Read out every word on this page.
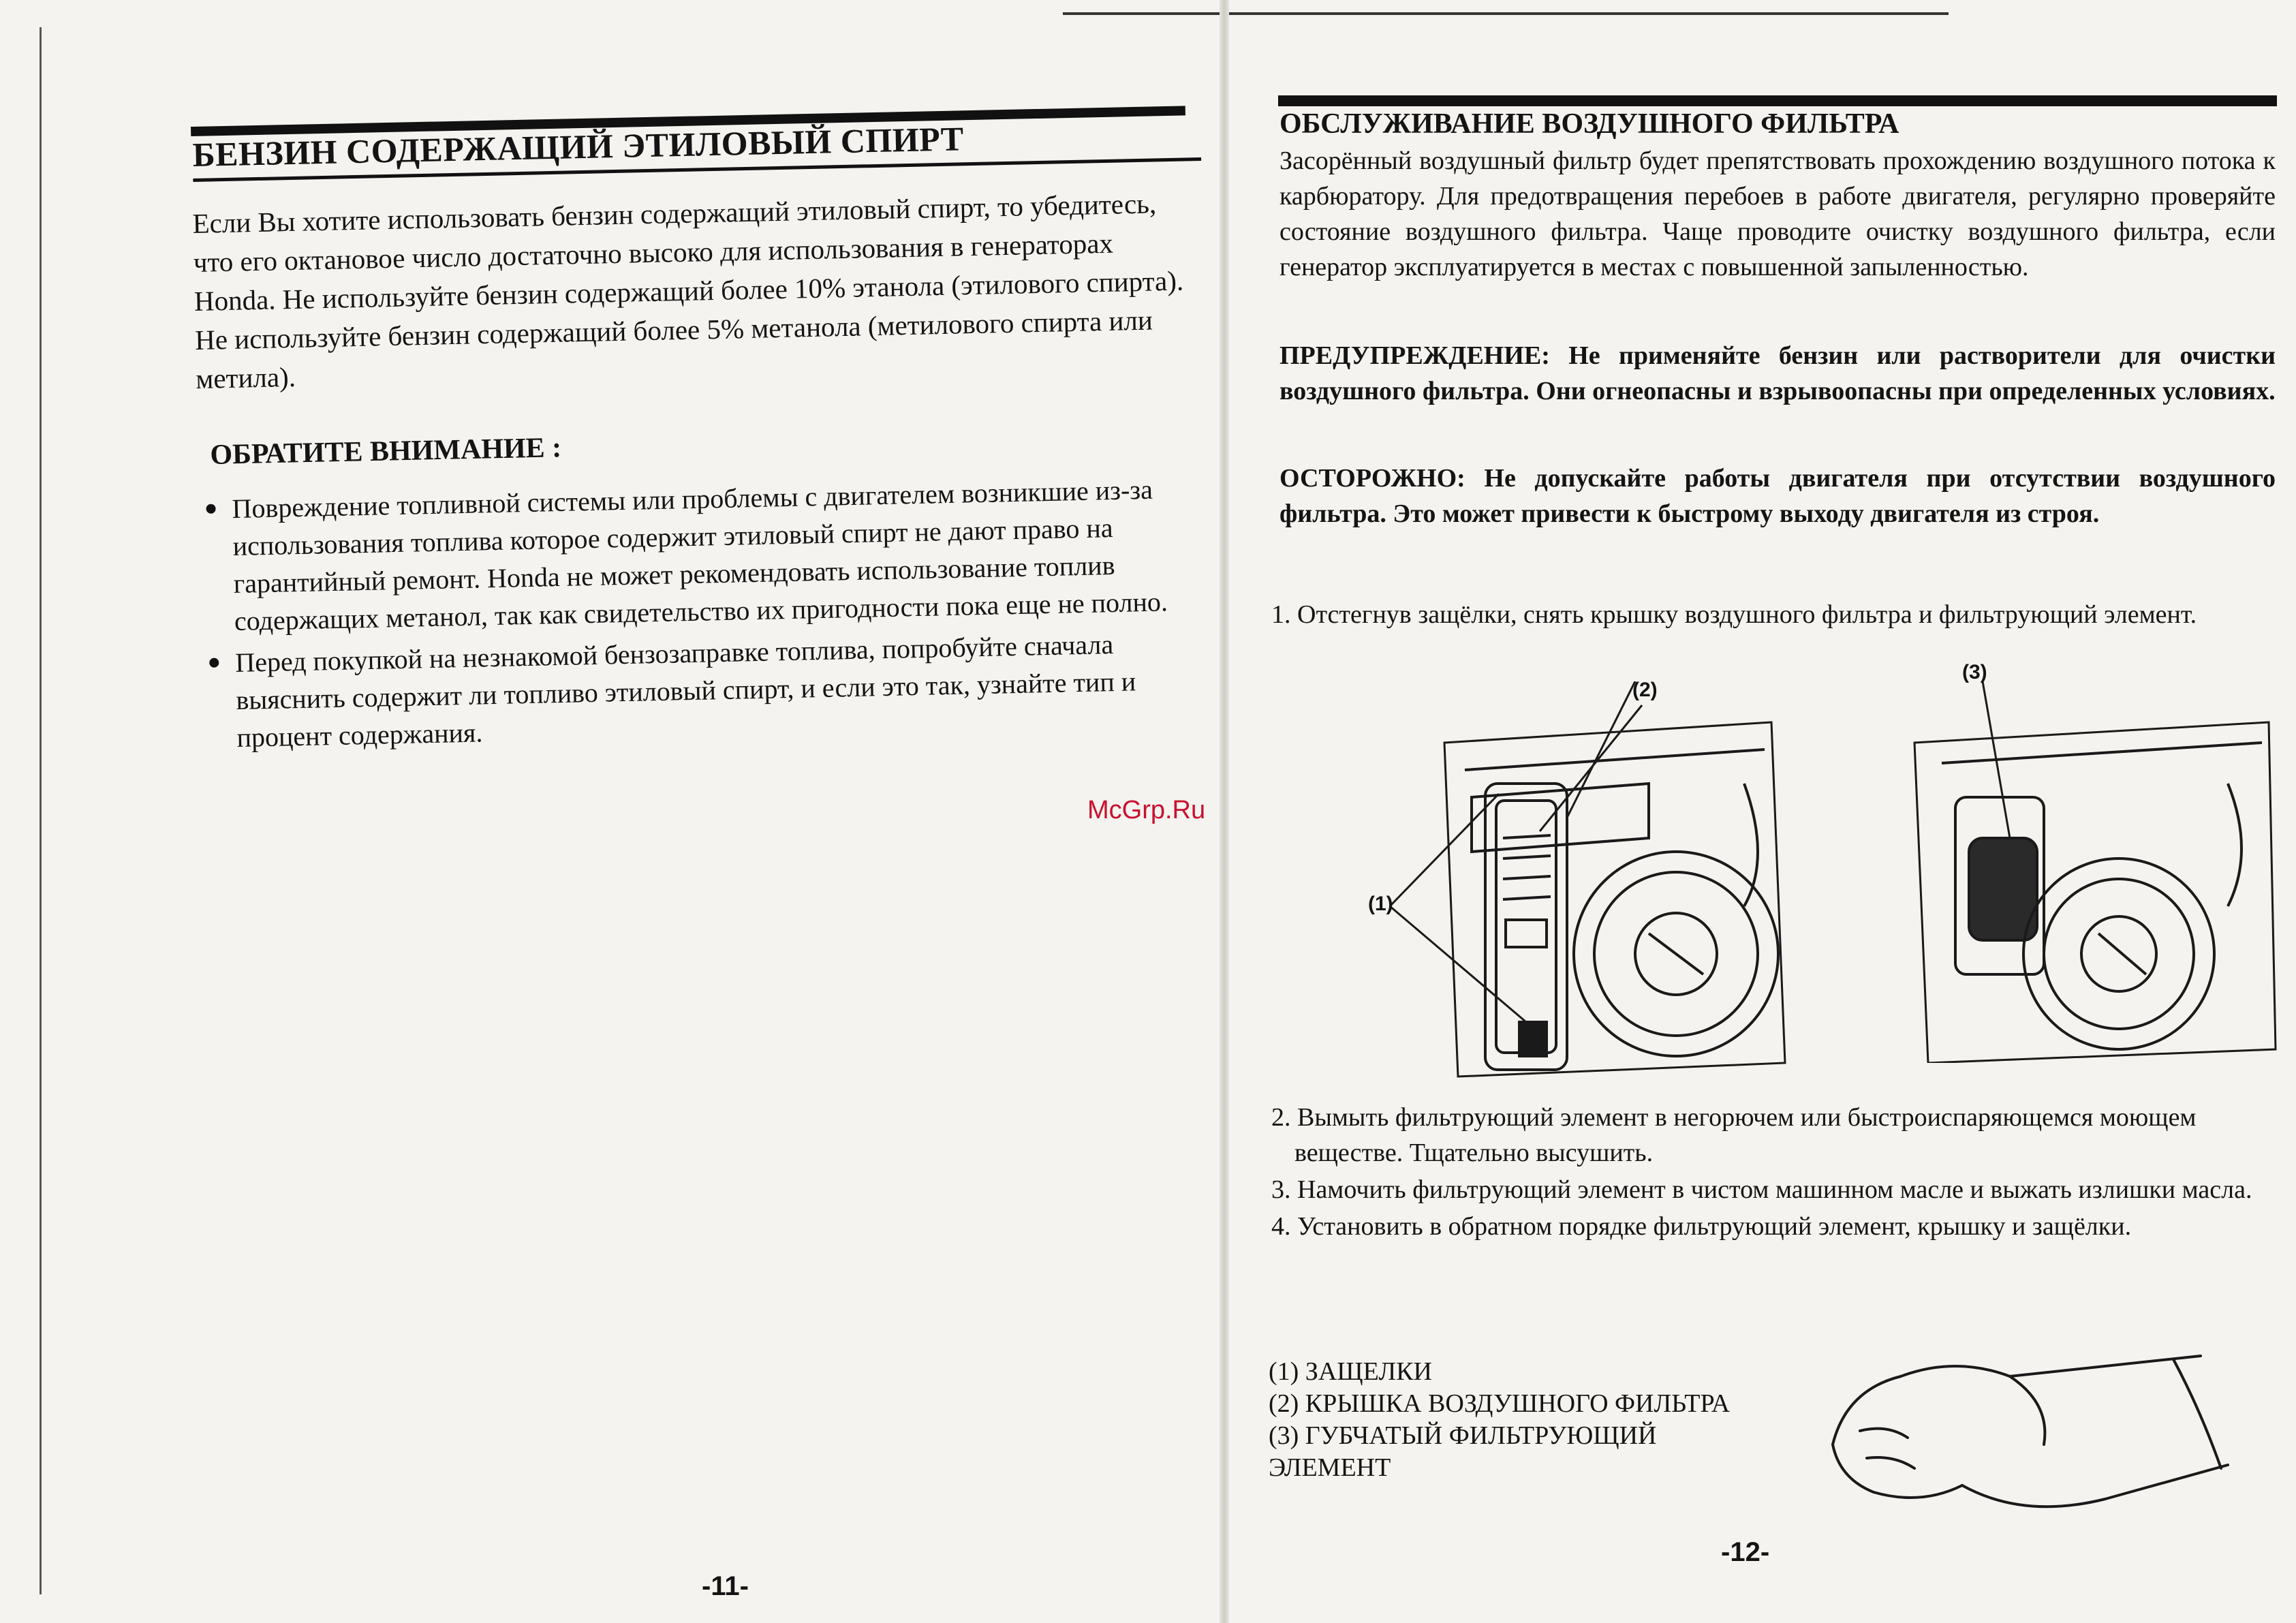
БЕНЗИН СОДЕРЖАЩИЙ ЭТИЛОВЫЙ СПИРТ
Если Вы хотите использовать бензин содержащий этиловый спирт, то убедитесь, что его октановое число достаточно высоко для использования в генераторах Honda. Не используйте бензин содержащий более 10% этанола (этилового спирта). Не используйте бензин содержащий более 5% метанола (метилового спирта или метила).
ОБРАТИТЕ ВНИМАНИЕ :
Повреждение топливной системы или проблемы с двигателем возникшие из-за использования топлива которое содержит этиловый спирт не дают право на гарантийный ремонт. Honda не может рекомендовать использование топлив содержащих метанол, так как свидетельство их пригодности пока еще не полно.
Перед покупкой на незнакомой бензозаправке топлива, попробуйте сначала выяснить содержит ли топливо этиловый спирт, и если это так, узнайте тип и процент содержания.
-11-
McGrp.Ru
ОБСЛУЖИВАНИЕ ВОЗДУШНОГО ФИЛЬТРА
Засорённый воздушный фильтр будет препятствовать прохождению воздушного потока к карбюратору. Для предотвращения перебоев в работе двигателя, регулярно проверяйте состояние воздушного фильтра. Чаще проводите очистку воздушного фильтра, если генератор эксплуатируется в местах с повышенной запыленностью.
ПРЕДУПРЕЖДЕНИЕ: Не применяйте бензин или растворители для очистки воздушного фильтра. Они огнеопасны и взрывоопасны при определенных условиях.
ОСТОРОЖНО: Не допускайте работы двигателя при отсутствии воздушного фильтра. Это может привести к быстрому выходу двигателя из строя.
1. Отстегнув защёлки, снять крышку воздушного фильтра и фильтрующий элемент.
(1)
(2)
(3)
2. Вымыть фильтрующий элемент в негорючем или быстроиспаряющемся моющем веществе. Тщательно высушить.
3. Намочить фильтрующий элемент в чистом машинном масле и выжать излишки масла.
4. Установить в обратном порядке фильтрующий элемент, крышку и защёлки.
(1) ЗАЩЕЛКИ
(2) КРЫШКА ВОЗДУШНОГО ФИЛЬТРА
(3) ГУБЧАТЫЙ ФИЛЬТРУЮЩИЙ
ЭЛЕМЕНТ
-12-
